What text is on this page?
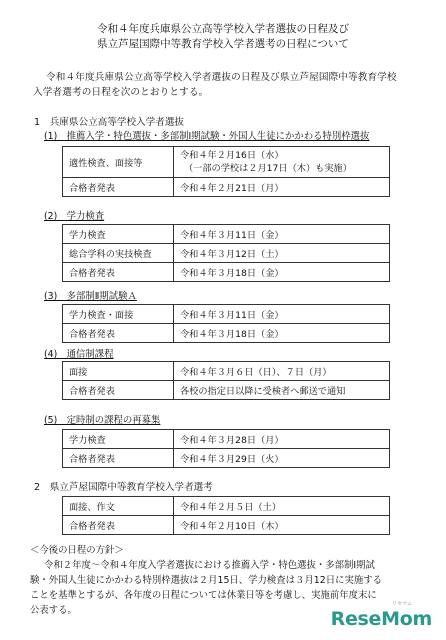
令和４年度兵庫県公立高等学校入学者選抜の日程及び
県立芦屋国際中等教育学校入学者選考の日程について
令和４年度兵庫県公立高等学校入学者選抜の日程及び県立芦屋国際中等教育学校
入学者選考の日程を次のとおりとする。
1　兵庫県公立高等学校入学者選抜
(1)　推薦入学・特色選抜・多部制Ⅰ期試験・外国人生徒にかかわる特別枠選抜
適性検査、面接等	令和４年２月16日（水）
（一部の学校は２月17日（木）も実施）

合格者発表	令和４年２月21日（月）
(2)　学力検査
学力検査	令和４年３月11日（金）
総合学科の実技検査	令和４年３月12日（土）
合格者発表	令和４年３月18日（金）
(3)　多部制Ⅱ期試験Ａ
学力検査・面接	令和４年３月11日（金）
合格者発表	令和４年３月18日（金）
(4)　通信制課程
面接	令和４年３月６日（日）、７日（月）
合格者発表	各校の指定日以降に受検者へ郵送で通知
(5)　定時制の課程の再募集
学力検査	令和４年３月28日（月）
合格者発表	令和４年３月29日（火）
2　県立芦屋国際中等教育学校入学者選考
面接、作文	令和４年２月５日（土）
合格者発表	令和４年２月10日（木）
＜今後の日程の方針＞
令和２年度～令和４年度入学者選抜における推薦入学・特色選抜・多部制Ⅰ期試
験・外国人生徒にかかわる特別枠選抜は２月15日、学力検査は３月12日に実施する
ことを基準とするが、各年度の日程については休業日等を考慮し、実施前年度末に
公表する。
リセマム
ReseMom
